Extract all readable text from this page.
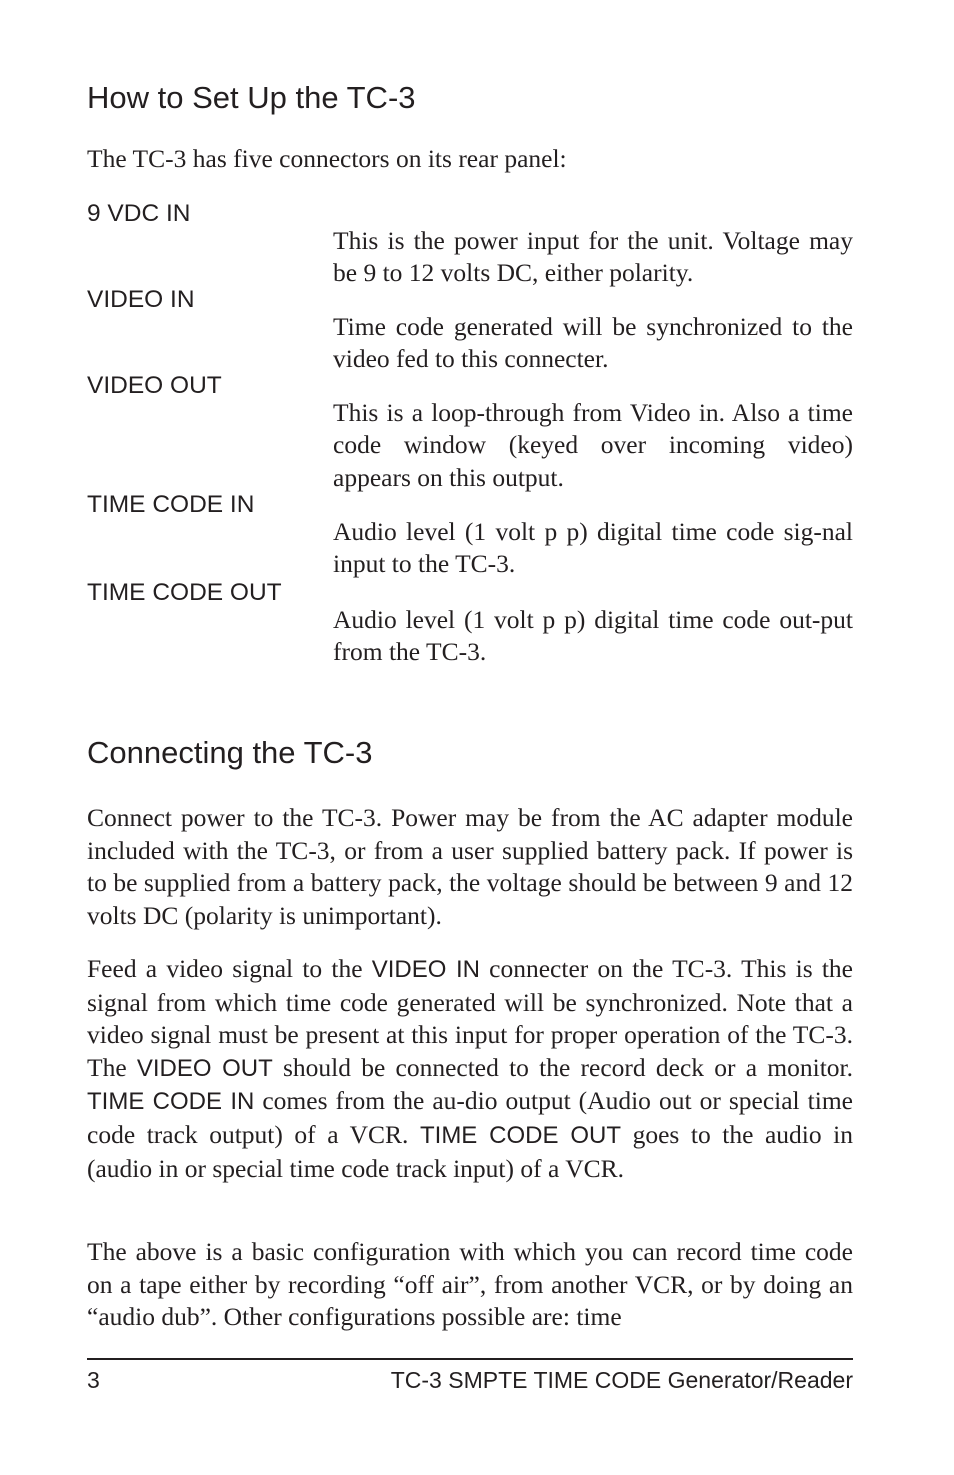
How to Set Up the TC-3

The TC-3 has five connectors on its rear panel:

9 VDC IN

This is the power input for the unit. Voltage may be 9 to 12 volts DC, either polarity.

VIDEO IN

Time code generated will be synchronized to the video fed to this connecter.

VIDEO OUT

This is a loop-through from Video in. Also a time code window (keyed over incoming video) appears on this output.

TIME CODE IN

Audio level (1 volt p p) digital time code sig-nal input to the TC-3.

TIME CODE OUT

Audio level (1 volt p p) digital time code out-put from the TC-3.

Connecting the TC-3

Connect power to the TC-3. Power may be from the AC adapter module included with the TC-3, or from a user supplied battery pack. If power is to be supplied from a battery pack, the voltage should be between 9 and 12 volts DC (polarity is unimportant).

Feed a video signal to the VIDEO IN connecter on the TC-3. This is the signal from which time code generated will be synchronized. Note that a video signal must be present at this input for proper operation of the TC-3. The VIDEO OUT should be connected to the record deck or a monitor. TIME CODE IN comes from the au-dio output (Audio out or special time code track output) of a VCR. TIME CODE OUT goes to the audio in (audio in or special time code track input) of a VCR.

The above is a basic configuration with which you can record time code on a tape either by recording “off air”, from another VCR, or by doing an “audio dub”. Other configurations possible are: time

3	TC-3 SMPTE TIME CODE Generator/Reader
